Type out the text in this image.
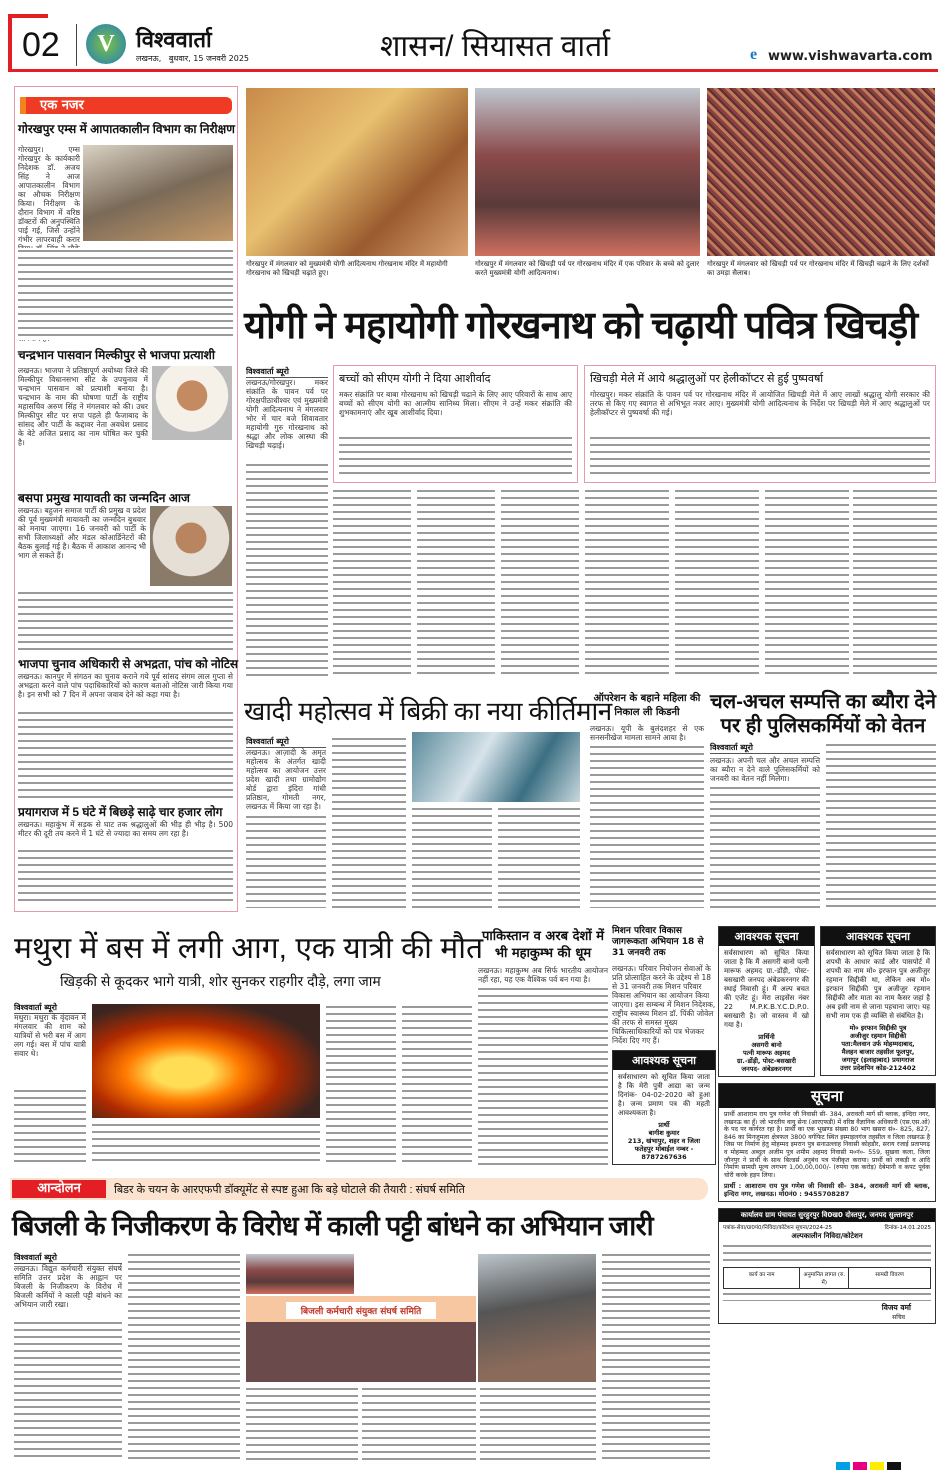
02	V विश्ववार्ता
लखनऊ,   बुधवार, 15 जनवरी 2025	शासन/ सियासत वार्ता	e www.vishwavarta.com
एक नजर
गोरखपुर एम्स में आपातकालीन विभाग का निरीक्षण
गोरखपुर। एम्स गोरखपुर के कार्यकारी निदेशक डॉ. अजय सिंह ने आज आपातकालीन विभाग का औचक निरीक्षण किया। निरीक्षण के दौरान विभाग में वरिष्ठ डॉक्टरों की अनुपस्थिति पाई गई, जिसे उन्होंने गंभीर लापरवाही करार
चन्द्रभान पासवान मिल्कीपुर से भाजपा प्रत्याशी
लखनऊ। भाजपा ने प्रतिष्ठापूर्ण अयोध्या जिले की मिल्कीपुर विधानसभा सीट के उपचुनाव में चन्द्रभान पासवान को प्रत्याशी बनाया है। चन्द्रभान के नाम की घोषणा पार्टी के राष्ट्रीय महासचिव अरुण सिंह ने मंगलवार को की। उधर मिल्कीपुर सीट पर सपा पहले ही फैजाबाद के सांसद और पार्टी के कद्दावर नेता अवधेश प्रसाद के बेटे अजित प्रसाद का नाम घोषित कर चुकी है।
बसपा प्रमुख मायावती का जन्मदिन आज
लखनऊ। बहुजन समाज पार्टी की प्रमुख व प्रदेश की पूर्व मुख्यमंत्री मायावती का जन्मदिन बुधवार को मनाया जाएगा। 16 जनवरी को पार्टी के सभी जिलाध्यक्षों और मंडल कोआर्डिनेटरों की बैठक बुलाई गई है। बैठक में आकाश आनन्द भी भाग ले सकते हैं।
भाजपा चुनाव अधिकारी से अभद्रता, पांच को नोटिस
लखनऊ। कानपुर में संगठन का चुनाव कराने गये पूर्व सांसद संगम लाल गुप्ता से अभद्रता करने वाले पांच पदाधिकारियों को कारण बताओ नोटिस जारी किया गया है। इन सभी को 7 दिन में अपना जवाब देने को कहा गया है।
प्रयागराज में 5 घंटे में बिछड़े साढ़े चार हजार लोग
लखनऊ। महाकुंभ में सड़क से घाट तक श्रद्धालुओं की भीड़ ही भीड़ है। 500 मीटर की दूरी तय करने में 1 घंटे से ज्यादा का समय लग रहा है।
गोरखपुर में मंगलवार को मुख्यमंत्री योगी आदित्यनाथ गोरखनाथ मंदिर में महायोगी गोरखनाथ को खिचड़ी चढ़ाते हुए।
गोरखपुर में मंगलवार को खिचड़ी पर्व पर गोरखनाथ मंदिर में एक परिवार के बच्चे को दुलार करते मुख्यमंत्री योगी आदित्यनाथ।
गोरखपुर में मंगलवार को खिचड़ी पर्व पर गोरखनाथ मंदिर में खिचड़ी चढ़ाने के लिए दर्शकों का उमड़ा सैलाब।
योगी ने महायोगी गोरखनाथ को चढ़ायी पवित्र खिचड़ी
विश्ववार्ता ब्यूरो
लखनऊ/गोरखपुर। मकर संक्रांति के पावन पर्व पर गोरक्षपीठाधीश्वर एवं मुख्यमंत्री योगी आदित्यनाथ ने मंगलवार भोर में चार बजे शिवावतार महायोगी गुरु गोरखनाथ को श्रद्धा और लोक आस्था की खिचड़ी चढ़ाई।
बच्चों को सीएम योगी ने दिया आशीर्वाद
मकर संक्रांति पर बाबा गोरखनाथ को खिचड़ी चढ़ाने के लिए आए परिवारों के साथ आए बच्चों को सीएम योगी का आत्मीय सानिध्य मिला। सीएम ने उन्हें मकर संक्रांति की शुभकामनाएं और खूब आशीर्वाद दिया।
खिचड़ी मेले में आये श्रद्धालुओं पर हेलीकॉप्टर से हुई पुष्पवर्षा
गोरखपुर। मकर संक्रांति के पावन पर्व पर गोरखनाथ मंदिर में आयोजित खिचड़ी मेले में आए लाखों श्रद्धालु योगी सरकार की तरफ से किए गए स्वागत से अभिभूत नजर आए। मुख्यमंत्री योगी आदित्यनाथ के निर्देश पर खिचड़ी मेले में आए श्रद्धालुओं पर हेलीकॉप्टर से पुष्पवर्षा की गई।
खादी महोत्सव में बिक्री का नया कीर्तिमान
विश्ववार्ता ब्यूरो
लखनऊ। आज़ादी के अमृत महोत्सव के अंतर्गत खादी महोत्सव का आयोजन उत्तर प्रदेश खादी तथा ग्रामोद्योग बोर्ड द्वारा इंदिरा गांधी प्रतिष्ठान, गोमती नगर, लखनऊ में किया जा रहा है।
ऑपरेशन के बहाने महिला की निकाल ली किडनी
लखनऊ। यूपी के बुलंदशहर से एक सनसनीखेज मामला सामने आया है।
चल-अचल सम्पत्ति का ब्यौरा देने पर ही पुलिसकर्मियों को वेतन
विश्ववार्ता ब्यूरो
लखनऊ। अपनी चल और अचल सम्पत्ति का ब्यौरा न देने वाले पुलिसकर्मियों को जनवरी का वेतन नहीं मिलेगा।
मथुरा में बस में लगी आग, एक यात्री की मौत
खिड़की से कूदकर भागे यात्री, शोर सुनकर राहगीर दौड़े, लगा जाम
विश्ववार्ता ब्यूरो
मथुरा। मथुरा के वृंदावन में मंगलवार की शाम को यात्रियों से भरी बस में आग लग गई। बस में पांच यात्री सवार थे।
पाकिस्तान व अरब देशों में भी महाकुम्भ की धूम
लखनऊ। महाकुम्भ अब सिर्फ भारतीय आयोजन नहीं रहा, यह एक वैश्विक पर्व बन गया है।
मिशन परिवार विकास जागरूकता अभियान 18 से 31 जनवरी तक
लखनऊ। परिवार नियोजन सेवाओं के प्रति प्रोत्साहित करने के उद्देश्य से 18 से 31 जनवरी तक मिशन परिवार विकास अभियान का आयोजन किया जाएगा। इस सम्बन्ध में मिशन निदेशक, राष्ट्रीय स्वास्थ्य मिशन डॉ. पिंकी जोवेल की तरफ से समस्त मुख्य चिकित्साधिकारियों को पत्र भेजकर निर्देश दिए गए हैं।
आवश्यक सूचना
सर्वसाधारण को सूचित किया जाता है कि मेरी पुत्री आद्या का जन्म दिनांक- 04-02-2020 को हुआ है। जन्म प्रमाण पत्र की महती आवश्यकता है।
प्रार्थी
बागीश कुमार
213, खंभापुर, शहर व जिला
फतेहपुर मोबाईल नम्बर -
8787267636
आवश्यक सूचना
सर्वसाधारण को सूचित किया जाता है कि मैं असगरी बानो पत्नी मारूफ अहमद ग्रा.-डोंड़ी, पोस्ट-बसखारी जनपद अंबेडकरनगर की स्थाई निवासी हूं। मैं अल्प बचत की एजेंट हूं। मेरा लाइसेंस नंबर 22 M.P.K.B.Y.C.D.P.0. बसखारी है। जो वास्तव में खो गया है।
प्रार्थिनी
असगरी बानो
पत्नी मारूफ अहमद
ग्रा.-डोंड़ी, पोस्ट-बसखारी
जनपद- अंबेडकरनगर
आवश्यक सूचना
सर्वसाधारण को सूचित किया जाता है कि शपथी के आधार कार्ड और पासपोर्ट में शपथी का नाम मो० इरफान पुत्र अजीजुर रहमान सिद्दीकी था, लेकिन अब मो० इरफान सिद्दीकी पुत्र अजीजुर रहमान सिद्दीकी और माता का नाम कैसर जहां है अब इसी नाम से जाना पहचाना जाए। यह सभी नाम एक ही व्यक्ति से संबंधित है।
मो० इरफान सिद्दीकी पुत्र
अजीजुर रहमान सिद्दीकी
पता:मैलवान उर्फ मोहम्मदाबाद,
मैलहन बाजार तहसील फूलपुर,
जगापुर (इलाहाबाद) प्रयागराज
उत्तर प्रदेशपिन कोड-212402
सूचना
प्रार्थी आशाराम राय पुत्र गणेश जी निवासी सी- 384, अरावली मार्ग सी ब्लाक, इन्दिरा नगर, लखनऊ का हूँ। जो भारतीय वायु सेना (आरएफडी) में वरिष्ठ वैज्ञानिक अधिकारी (एस.एस.ओ) के पद पर कार्यरत रहा है। प्रार्थी का एक भूखण्ड संख्या 80 भाग खसरा सं०- 825, 827, 846 का मिनजुमला क्षेत्रफल 3800 वर्गफिट स्थित इस्माइलगंज तहसील व जिला लखनऊ है जिस पर निर्माण हेतु मोहम्मद इमरान पुत्र सनाउल्लाह निवासी कोहडौर, सराय रजाई प्रतापगढ़ व मोहम्मद अब्दुल अजीम पुत्र शमीम अहमद निवासी म०नं०- 559, सुखवा कला, जिला जौनपुर ने प्रार्थी के साथ बिल्डर्स अनुबंध पत्र पंजीकृत कराया। प्रार्थी को लकड़ी व आदि निर्माण सामग्री मूल्य लगभग 1,00,00,000/- (रुपया एक करोड़) देबेमानी व कपट पूर्वक चोरी करके हड़प लिया।
प्रार्थी : आशाराम राय पुत्र गणेश जी निवासी सी- 384, अरावली मार्ग सी ब्लाक, इन्दिरा नगर, लखनऊ। मो0नं0 : 9455708287
कार्यालय ग्राम पंचायत सुरहुरपुर वि0ख0 दोस्तपुर, जनपद सुल्तानपुर
पत्रांक-सेवा/ग्रा0पं0/निविदा/कोटेशन सूचना/2024-25	दिनांक-14.01.2025
अल्पकालीन निविदा/कोटेशन
कार्य का नाम	अनुमानित लागत (रु. में)
सामग्री विवरण
विजय वर्मा
सचिव
आन्दोलन	बिडर के चयन के आरएफपी डॉक्यूमेंट से स्पष्ट हुआ कि बड़े घोटाले की तैयारी : संघर्ष समिति
बिजली के निजीकरण के विरोध में काली पट्टी बांधने का अभियान जारी
विश्ववार्ता ब्यूरो
लखनऊ। विद्युत कर्मचारी संयुक्त संघर्ष समिति उत्तर प्रदेश के आह्वान पर बिजली के निजीकरण के विरोध में बिजली कर्मियों ने काली पट्टी बांधने का अभियान जारी रखा।
बिजली कर्मचारी संयुक्त संघर्ष समिति
